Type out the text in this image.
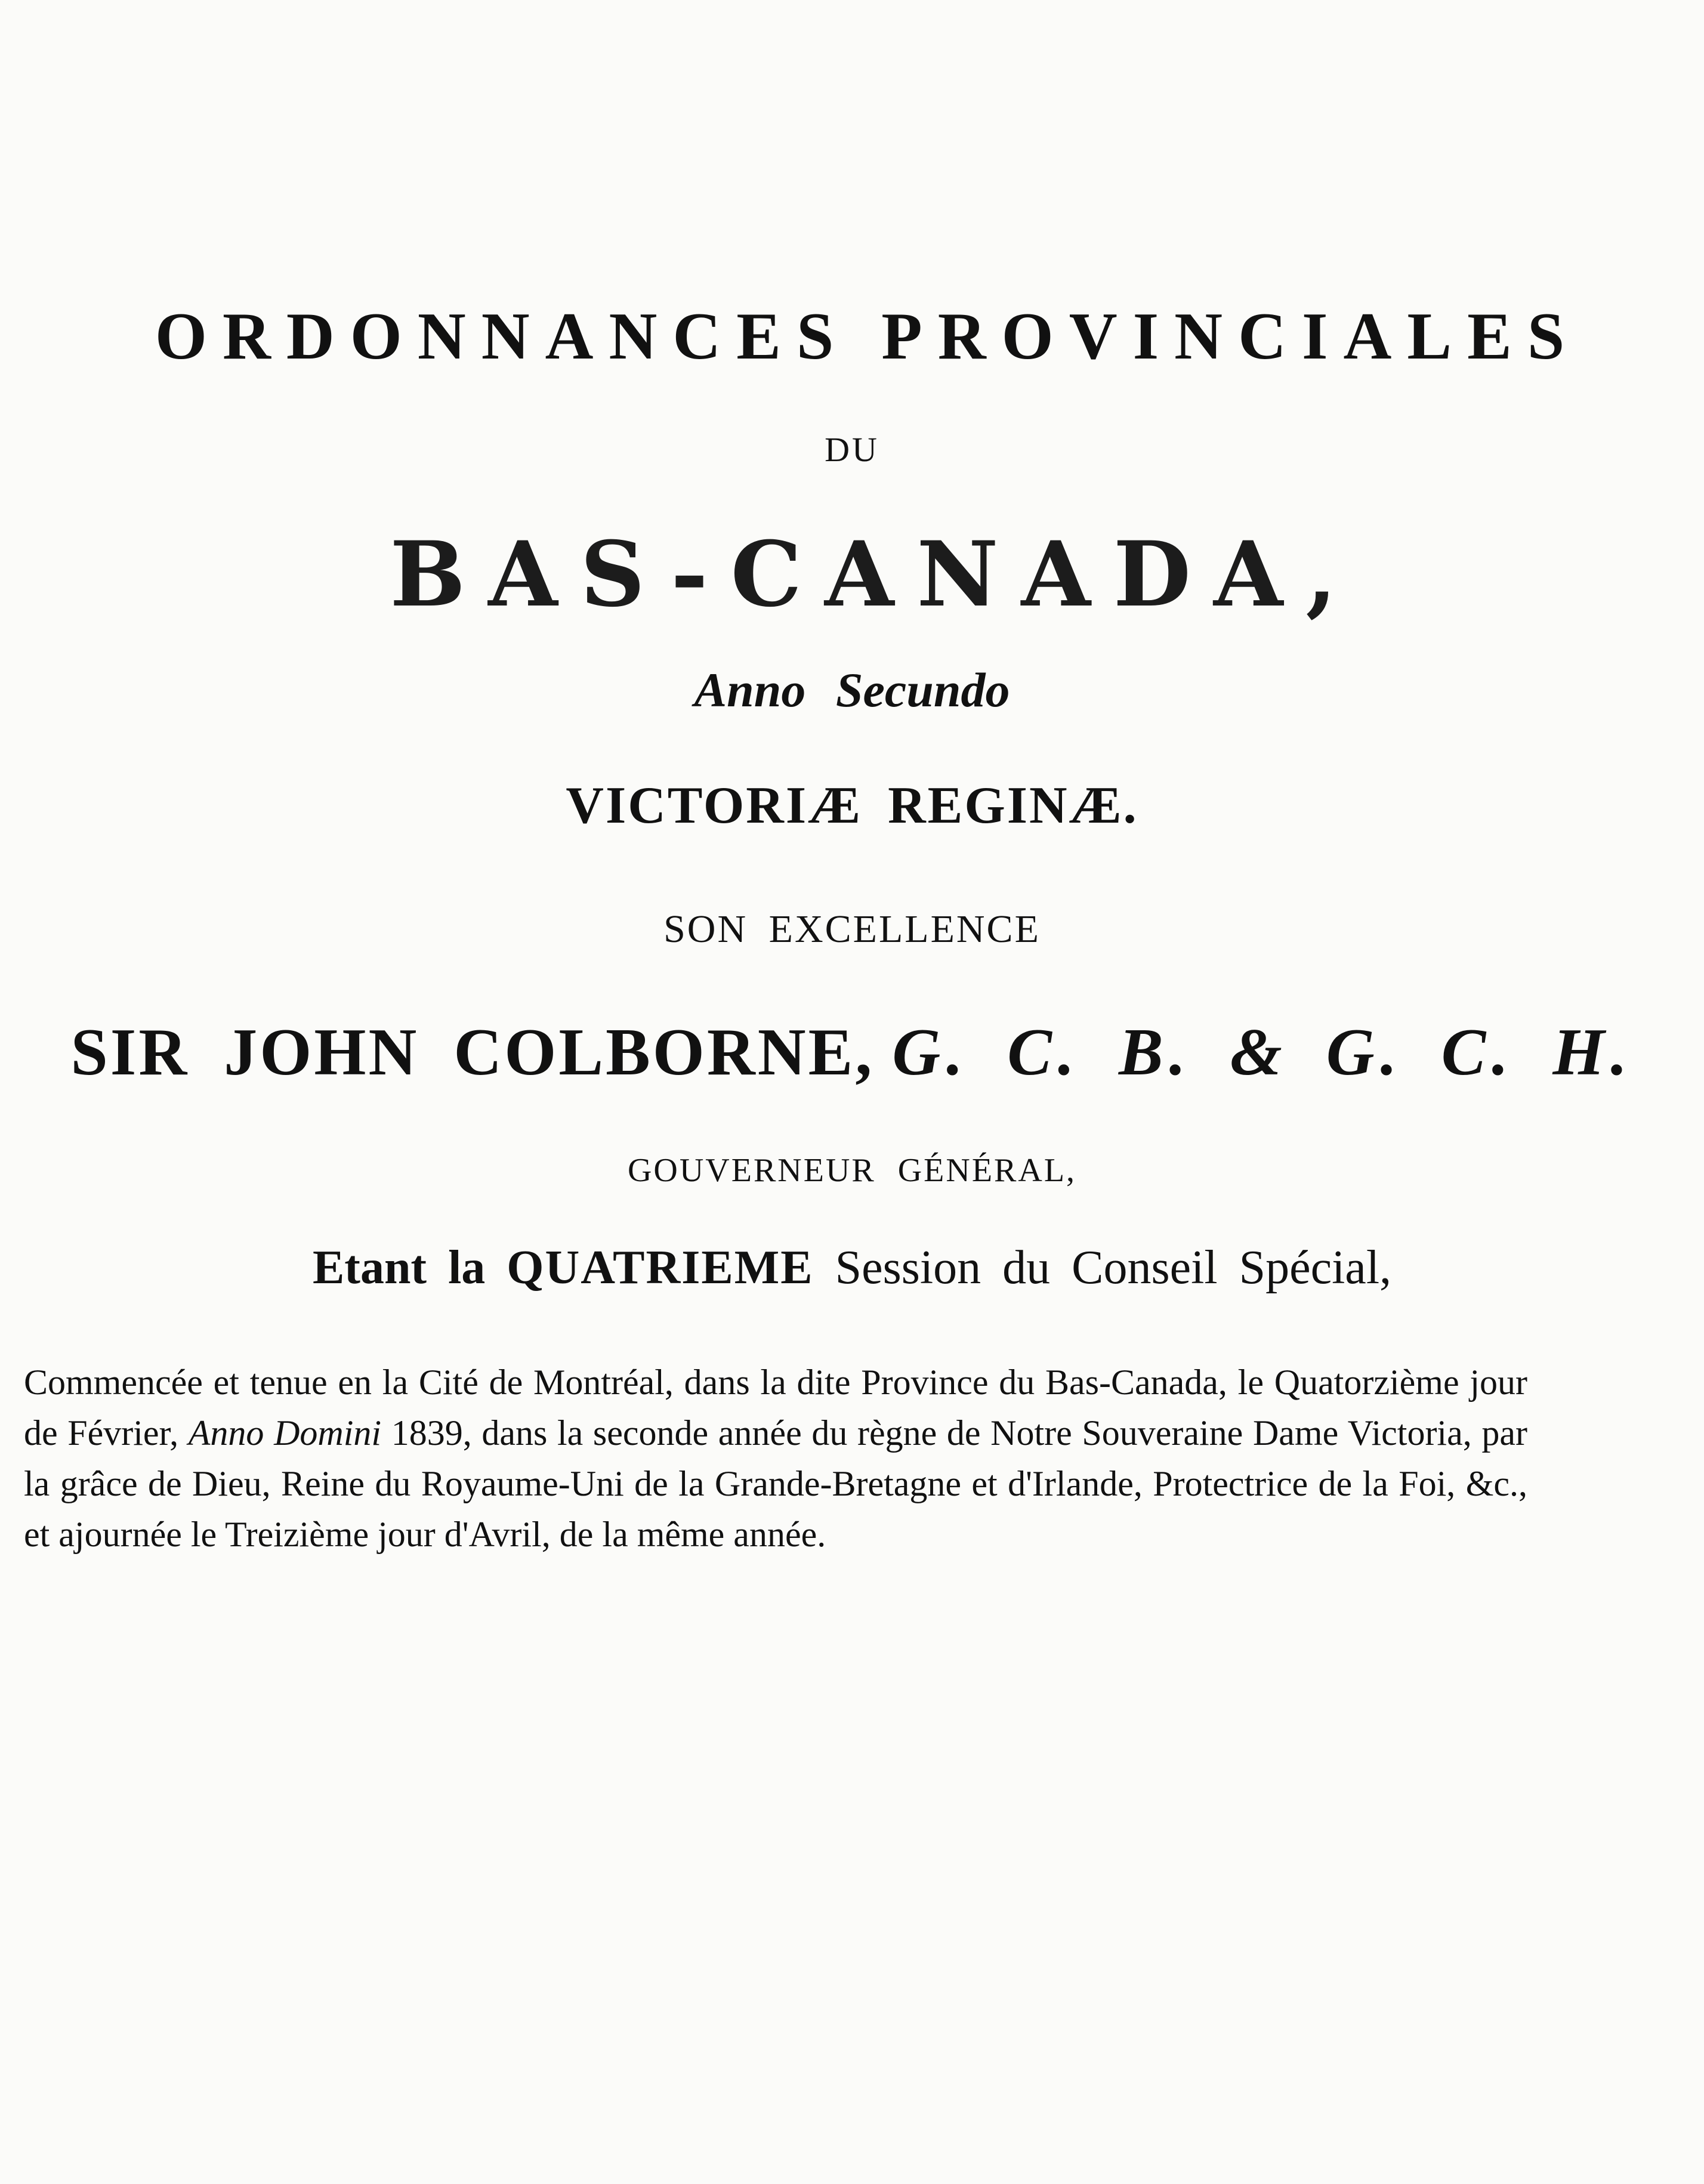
ORDONNANCES PROVINCIALES
DU
BAS-CANADA,
Anno Secundo
VICTORIÆ REGINÆ.
SON EXCELLENCE
SIR JOHN COLBORNE, G. C. B. & G. C. H.
GOUVERNEUR GÉNÉRAL,
Etant la QUATRIEME Session du Conseil Spécial,
Commencée et tenue en la Cité de Montréal, dans la dite Province du Bas-Canada, le Quatorzième jour de Février, Anno Domini 1839, dans la seconde année du règne de Notre Souveraine Dame Victoria, par la grâce de Dieu, Reine du Royaume-Uni de la Grande-Bretagne et d'Irlande, Protectrice de la Foi, &c., et ajournée le Treizième jour d'Avril, de la même année.
